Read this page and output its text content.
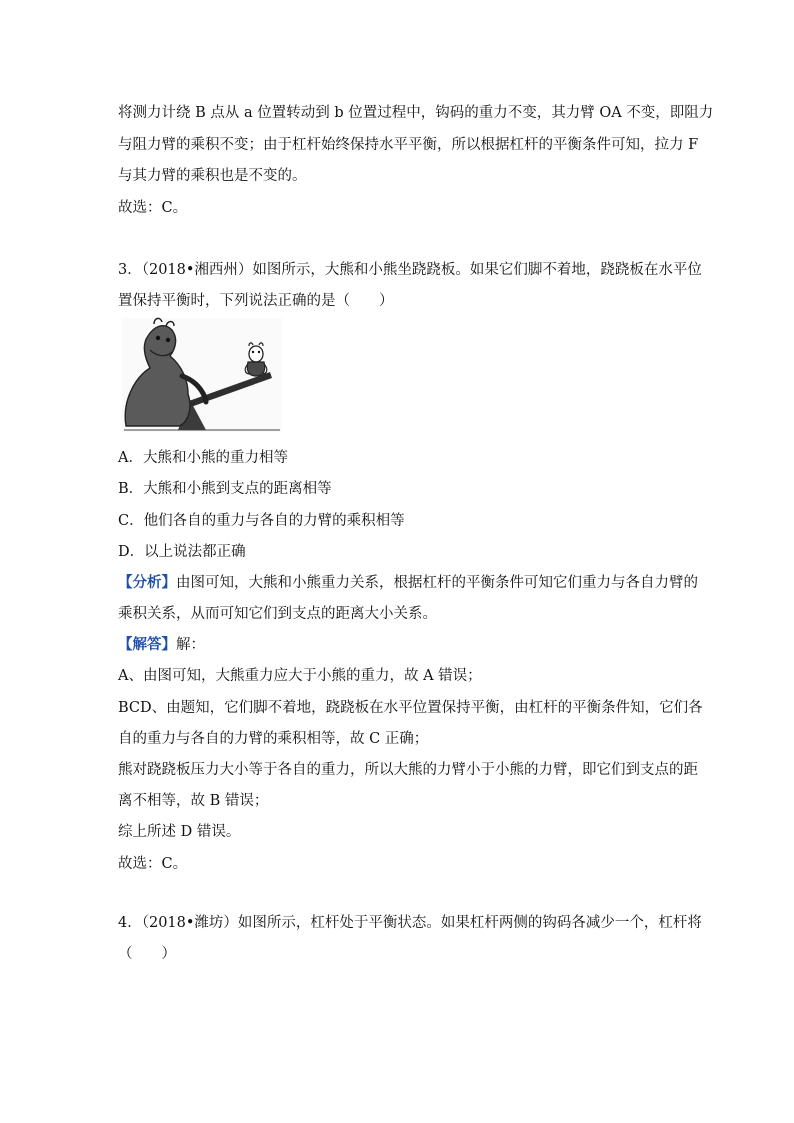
将测力计绕 B 点从 a 位置转动到 b 位置过程中，钩码的重力不变，其力臂 OA 不变，即阻力
与阻力臂的乘积不变；由于杠杆始终保持水平平衡，所以根据杠杆的平衡条件可知，拉力 F
与其力臂的乘积也是不变的。
故选：C。
3．（2018•湘西州）如图所示，大熊和小熊坐跷跷板。如果它们脚不着地，跷跷板在水平位
置保持平衡时，下列说法正确的是（　　）
A．大熊和小熊的重力相等
B．大熊和小熊到支点的距离相等
C．他们各自的重力与各自的力臂的乘积相等
D．以上说法都正确
【分析】由图可知，大熊和小熊重力关系，根据杠杆的平衡条件可知它们重力与各自力臂的
乘积关系，从而可知它们到支点的距离大小关系。
【解答】解：
A、由图可知，大熊重力应大于小熊的重力，故 A 错误；
BCD、由题知，它们脚不着地，跷跷板在水平位置保持平衡，由杠杆的平衡条件知，它们各
自的重力与各自的力臂的乘积相等，故 C 正确；
熊对跷跷板压力大小等于各自的重力，所以大熊的力臂小于小熊的力臂，即它们到支点的距
离不相等，故 B 错误；
综上所述 D 错误。
故选：C。
4．（2018•潍坊）如图所示，杠杆处于平衡状态。如果杠杆两侧的钩码各减少一个，杠杆将
（　　）
